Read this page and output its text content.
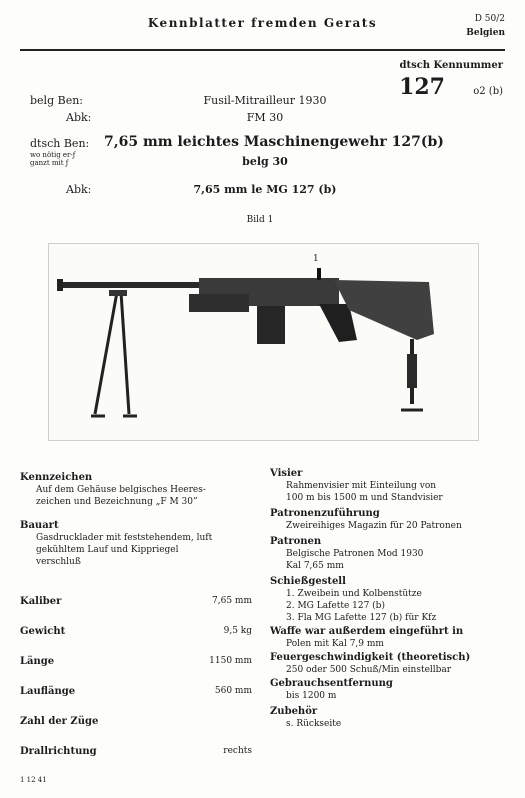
Kennblatter fremden Gerats	D 50/2
Belgien
dtsch Kennummer
127	o2 (b)
belg Ben:	Fusil-Mitrailleur 1930
Abk:	FM 30
dtsch Ben:
wo nötig er-ƒ
ganzt mit ƒ
7,65 mm leichtes Maschinengewehr 127(b)
belg 30
Abk:	7,65 mm le MG 127 (b)
Bild 1
1
Kennzeichen
Auf dem Gehäuse belgisches Heeres-
zeichen und Bezeichnung „F M 30”
Bauart
Gasdrucklader mit feststehendem, luft
gekühltem Lauf und Kippriegel
verschluß
Kaliber	7,65 mm
Gewicht	9,5 kg
Länge	1150 mm
Lauflänge	560 mm
Zahl der Züge
Drallrichtung	rechts
Visier
Rahmenvisier mit Einteilung von
100 m bis 1500 m und Standvisier
Patronenzuführung
Zweireihiges Magazin für 20 Patronen
Patronen
Belgische Patronen Mod 1930
Kal 7,65 mm
Schießgestell
1. Zweibein und Kolbenstütze
2. MG Lafette 127 (b)
3. Fla MG Lafette 127 (b) für Kfz
Waffe war außerdem eingeführt in
Polen mit Kal 7,9 mm
Feuergeschwindigkeit (theoretisch)
250 oder 500 Schuß/Min einstellbar
Gebrauchsentfernung
bis 1200 m
Zubehör
s. Rückseite
1 12 41
